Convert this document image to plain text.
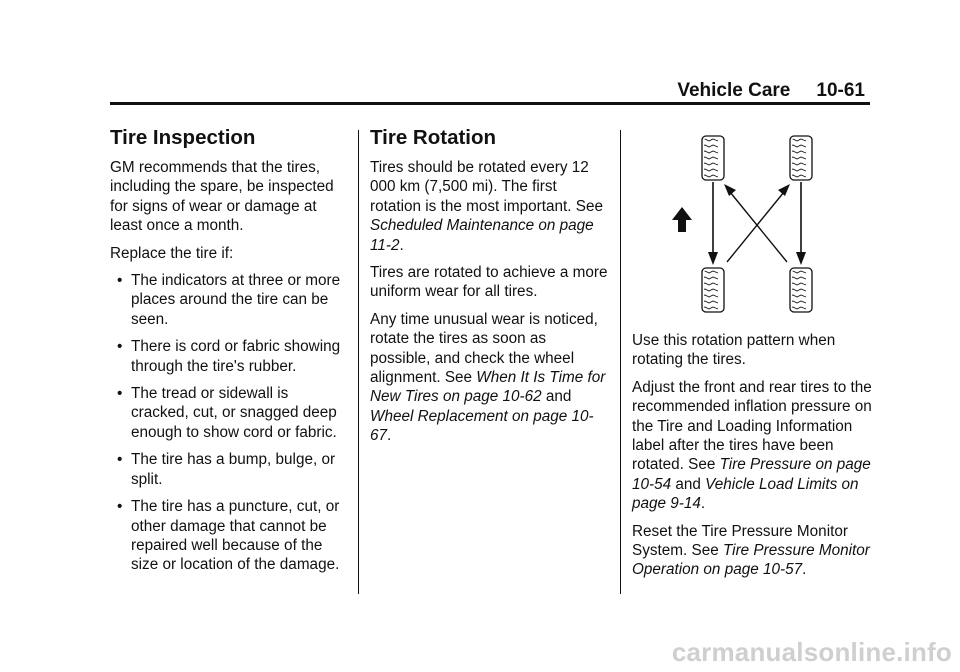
Vehicle Care 10-61
Tire Inspection

GM recommends that the tires, including the spare, be inspected for signs of wear or damage at least once a month.

Replace the tire if:

• The indicators at three or more places around the tire can be seen.
• There is cord or fabric showing through the tire's rubber.
• The tread or sidewall is cracked, cut, or snagged deep enough to show cord or fabric.
• The tire has a bump, bulge, or split.
• The tire has a puncture, cut, or other damage that cannot be repaired well because of the size or location of the damage.
Tire Rotation

Tires should be rotated every 12 000 km (7,500 mi). The first rotation is the most important. See Scheduled Maintenance on page 11-2.

Tires are rotated to achieve a more uniform wear for all tires.

Any time unusual wear is noticed, rotate the tires as soon as possible, and check the wheel alignment. See When It Is Time for New Tires on page 10-62 and Wheel Replacement on page 10-67.

Use this rotation pattern when rotating the tires.

Adjust the front and rear tires to the recommended inflation pressure on the Tire and Loading Information label after the tires have been rotated. See Tire Pressure on page 10-54 and Vehicle Load Limits on page 9-14.

Reset the Tire Pressure Monitor System. See Tire Pressure Monitor Operation on page 10-57.

carmanualsonline.info
